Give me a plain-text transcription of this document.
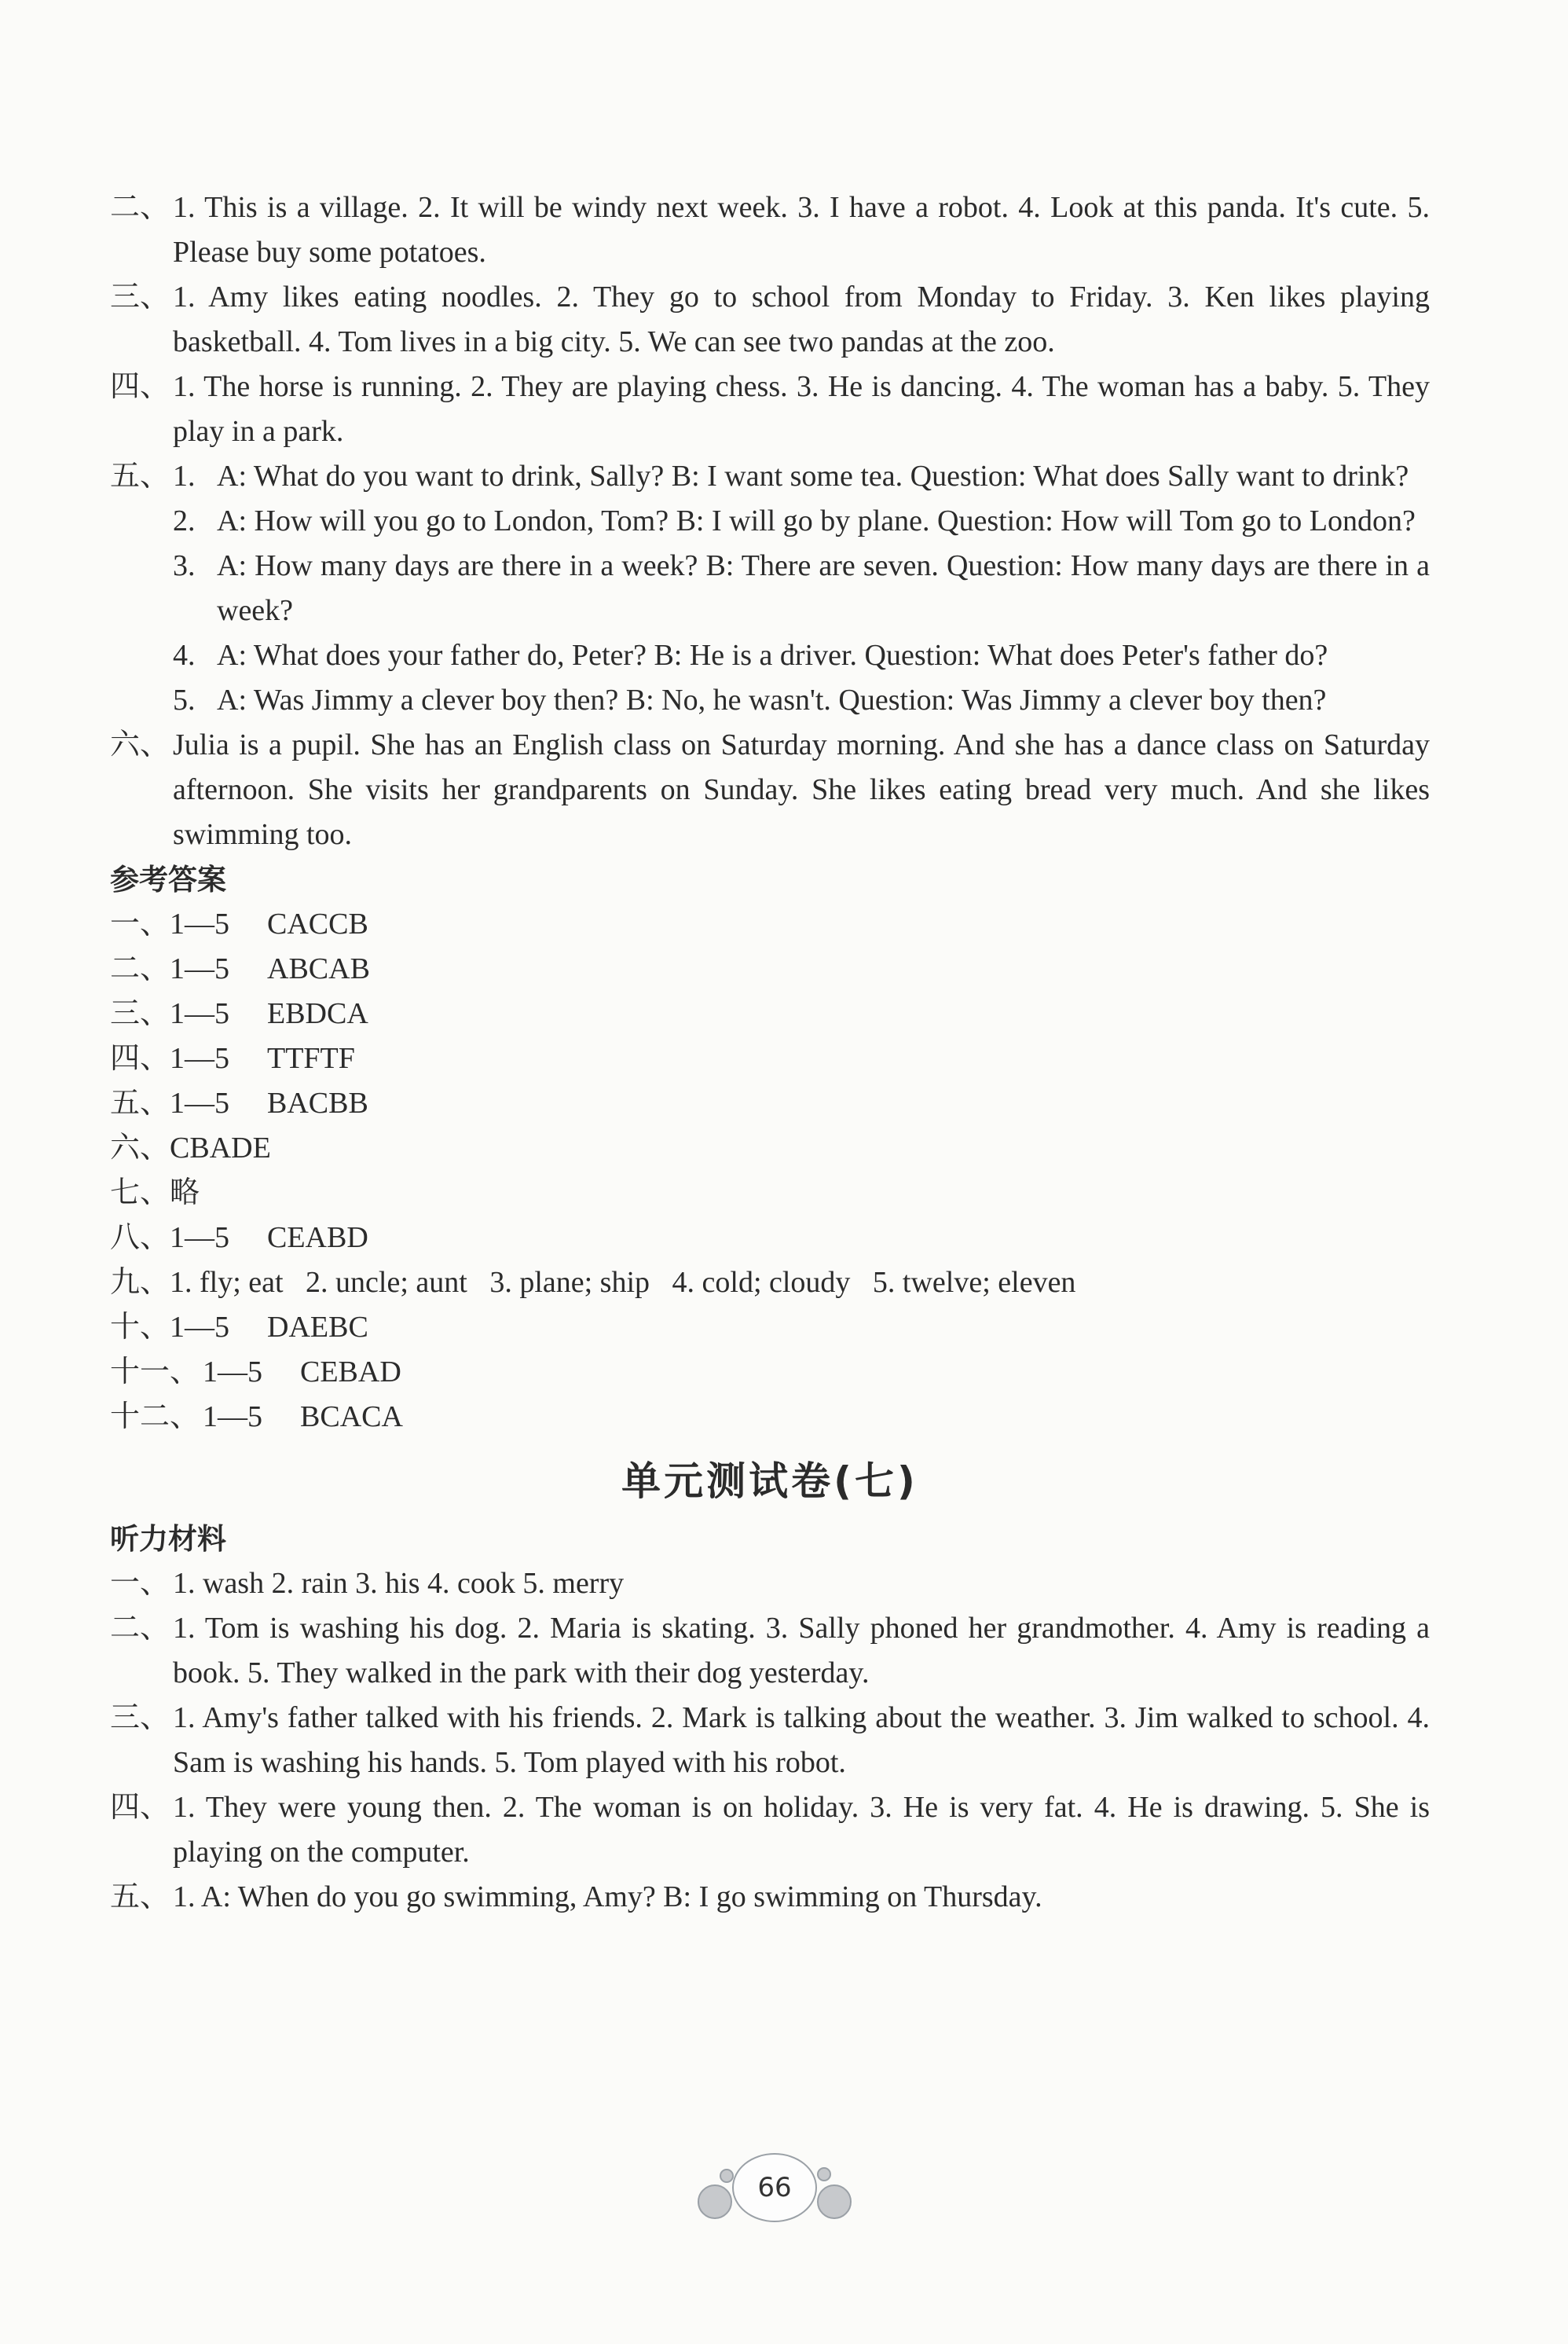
二、 1. This is a village. 2. It will be windy next week. 3. I have a robot. 4. Look at this panda. It's cute. 5. Please buy some potatoes.
三、 1. Amy likes eating noodles. 2. They go to school from Monday to Friday. 3. Ken likes playing basketball. 4. Tom lives in a big city. 5. We can see two pandas at the zoo.
四、 1. The horse is running. 2. They are playing chess. 3. He is dancing. 4. The woman has a baby. 5. They play in a park.
五、 1. A: What do you want to drink, Sally? B: I want some tea. Question: What does Sally want to drink?
2. A: How will you go to London, Tom? B: I will go by plane. Question: How will Tom go to London?
3. A: How many days are there in a week? B: There are seven. Question: How many days are there in a week?
4. A: What does your father do, Peter? B: He is a driver. Question: What does Peter's father do?
5. A: Was Jimmy a clever boy then? B: No, he wasn't. Question: Was Jimmy a clever boy then?
六、 Julia is a pupil. She has an English class on Saturday morning. And she has a dance class on Saturday afternoon. She visits her grandparents on Sunday. She likes eating bread very much. And she likes swimming too.
参考答案
一、1—5 CACCB
二、1—5 ABCAB
三、1—5 EBDCA
四、1—5 TTFTF
五、1—5 BACBB
六、CBADE
七、略
八、1—5 CEABD
九、1. fly; eat   2. uncle; aunt   3. plane; ship   4. cold; cloudy   5. twelve; eleven
十、1—5 DAEBC
十一、 1—5 CEBAD
十二、 1—5 BCACA
单元测试卷(七)
听力材料
一、 1. wash 2. rain 3. his 4. cook 5. merry
二、 1. Tom is washing his dog. 2. Maria is skating. 3. Sally phoned her grandmother. 4. Amy is reading a book. 5. They walked in the park with their dog yesterday.
三、 1. Amy's father talked with his friends. 2. Mark is talking about the weather. 3. Jim walked to school. 4. Sam is washing his hands. 5. Tom played with his robot.
四、 1. They were young then. 2. The woman is on holiday. 3. He is very fat. 4. He is drawing. 5. She is playing on the computer.
五、 1. A: When do you go swimming, Amy? B: I go swimming on Thursday.
66
